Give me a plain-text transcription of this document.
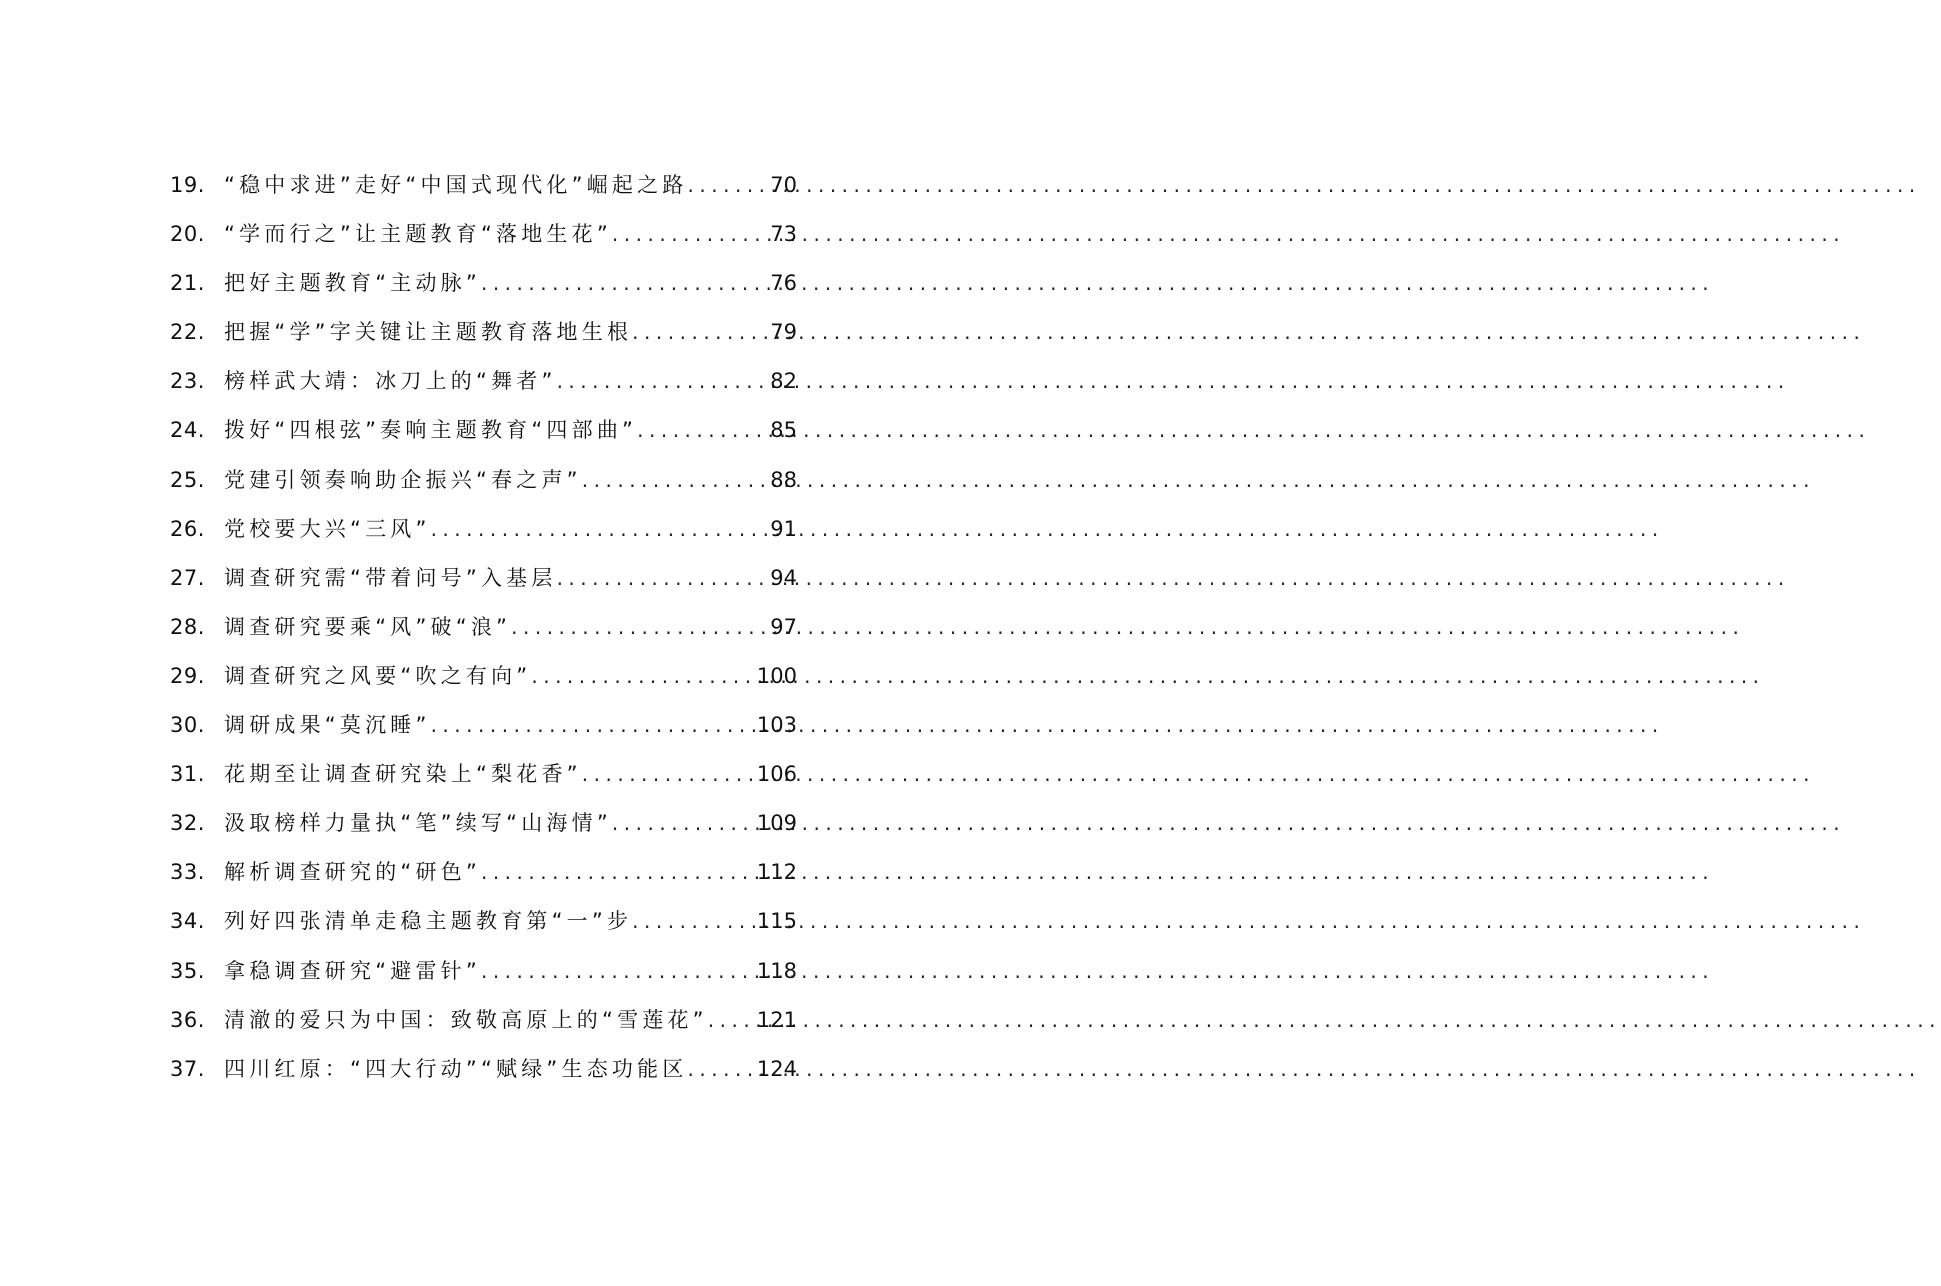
19. “稳中求进”走好“中国式现代化”崛起之路 .....	70
20. “学而行之”让主题教育“落地生花” .....	73
21. 把好主题教育“主动脉” .....	76
22. 把握“学”字关键让主题教育落地生根 .....	79
23. 榜样武大靖：冰刀上的“舞者” .....	82
24. 拨好“四根弦”奏响主题教育“四部曲” .....	85
25. 党建引领奏响助企振兴“春之声” .....	88
26. 党校要大兴“三风” .....	91
27. 调查研究需“带着问号”入基层 .....	94
28. 调查研究要乘“风”破“浪” .....	97
29. 调查研究之风要“吹之有向” .....	100
30. 调研成果“莫沉睡” .....	103
31. 花期至让调查研究染上“梨花香” .....	106
32. 汲取榜样力量执“笔”续写“山海情” .....	109
33. 解析调查研究的“研色” .....	112
34. 列好四张清单走稳主题教育第“一”步 .....	115
35. 拿稳调查研究“避雷针” .....	118
36. 清澈的爱只为中国：致敬高原上的“雪莲花” ..... 121
37. 四川红原：“四大行动”“赋绿”生态功能区 .....	124
